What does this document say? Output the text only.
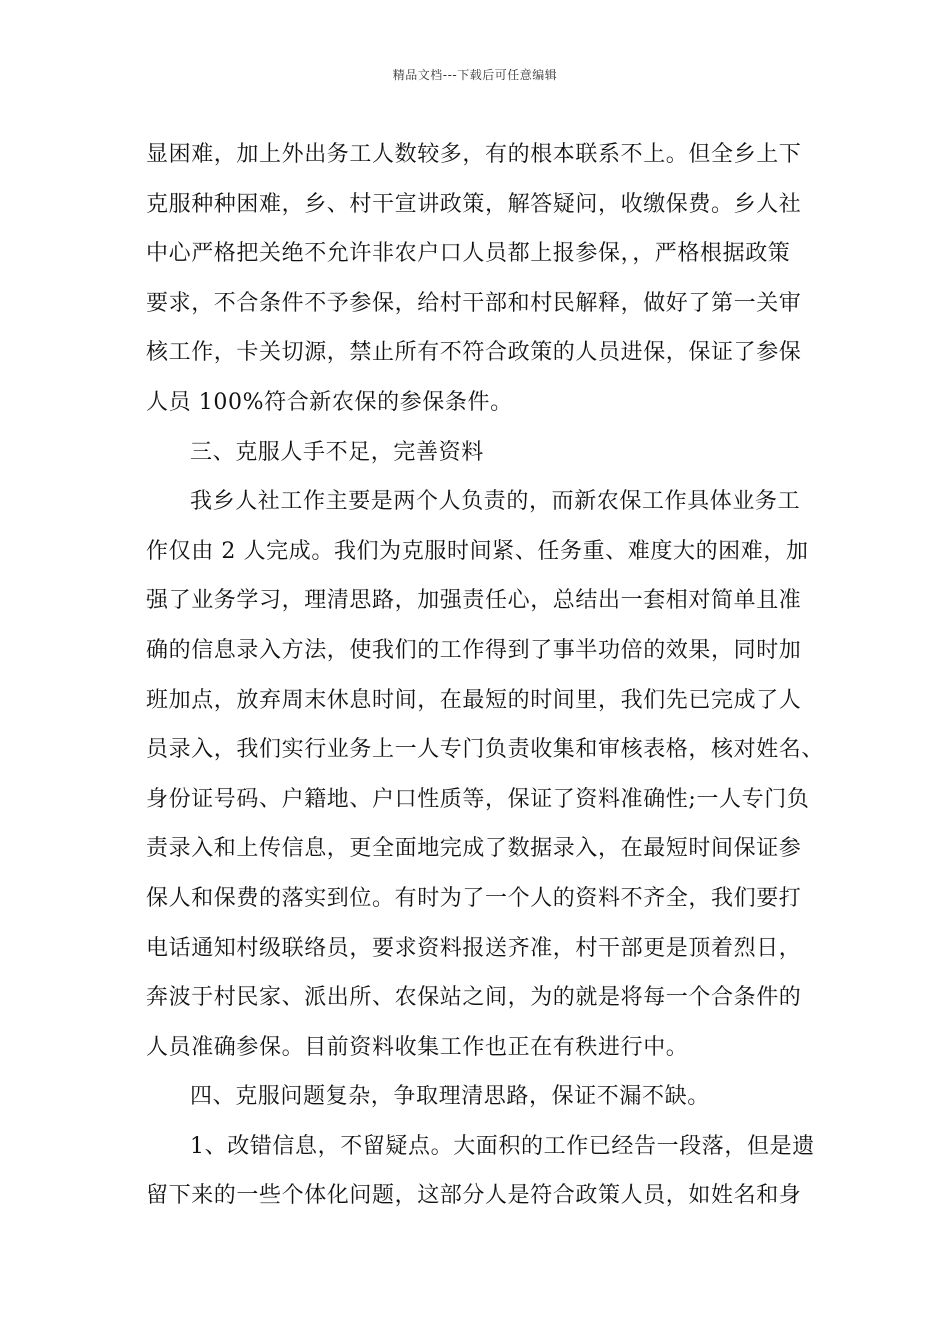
精品文档---下载后可任意编辑
显困难，加上外出务工人数较多，有的根本联系不上。但全乡上下
克服种种困难，乡、村干宣讲政策，解答疑问，收缴保费。乡人社
中心严格把关绝不允许非农户口人员都上报参保，，严格根据政策
要求，不合条件不予参保，给村干部和村民解释，做好了第一关审
核工作，卡关切源，禁止所有不符合政策的人员进保，保证了参保
人员 100%符合新农保的参保条件。
三、克服人手不足，完善资料
我乡人社工作主要是两个人负责的，而新农保工作具体业务工
作仅由 2 人完成。我们为克服时间紧、任务重、难度大的困难，加
强了业务学习，理清思路，加强责任心，总结出一套相对简单且准
确的信息录入方法，使我们的工作得到了事半功倍的效果，同时加
班加点，放弃周末休息时间，在最短的时间里，我们先已完成了人
员录入，我们实行业务上一人专门负责收集和审核表格，核对姓名、
身份证号码、户籍地、户口性质等，保证了资料准确性;一人专门负
责录入和上传信息，更全面地完成了数据录入，在最短时间保证参
保人和保费的落实到位。有时为了一个人的资料不齐全，我们要打
电话通知村级联络员，要求资料报送齐准，村干部更是顶着烈日，
奔波于村民家、派出所、农保站之间，为的就是将每一个合条件的
人员准确参保。目前资料收集工作也正在有秩进行中。
四、克服问题复杂，争取理清思路，保证不漏不缺。
1、改错信息，不留疑点。大面积的工作已经告一段落，但是遗
留下来的一些个体化问题，这部分人是符合政策人员，如姓名和身
